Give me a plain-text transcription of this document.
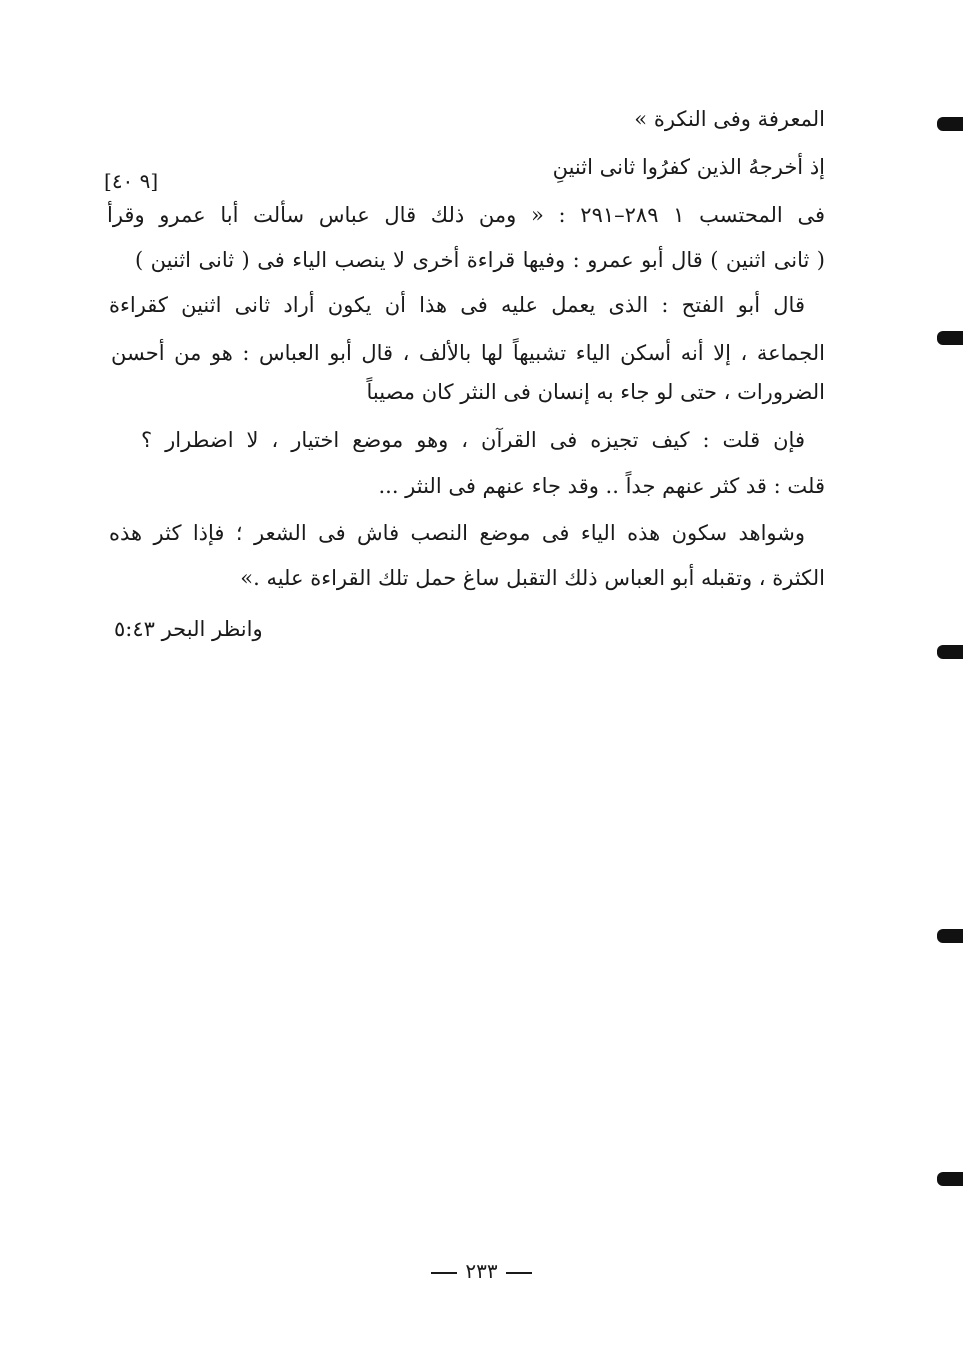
المعرفة وفى النكرة »
إذ أخرجهُ الذين كفرُوا ثانى اثنينِ
[٩ ٤٠]
فى المحتسب ١ ٢٨٩–٢٩١ : « ومن ذلك قال عباس سألت أبا عمرو وقرأ
( ثانى اثنين ) قال أبو عمرو : وفيها قراءة أخرى لا ينصب الياء فى ( ثانى اثنين )
قال أبو الفتح : الذى يعمل عليه فى هذا أن يكون أراد ثانى اثنين كقراءة
الجماعة ، إلا أنه أسكن الياء تشبيهاً لها بالألف ، قال أبو العباس : هو من أحسن
الضرورات ، حتى لو جاء به إنسان فى النثر كان مصيباً
فإن قلت : كيف تجيزه فى القرآن ، وهو موضع اختيار ، لا اضطرار ؟
قلت : قد كثر عنهم جداً .. وقد جاء عنهم فى النثر ...
وشواهد سكون هذه الياء فى موضع النصب فاش فى الشعر ؛ فإذا كثر هذه
الكثرة ، وتقبله أبو العباس ذلك التقبل ساغ حمل تلك القراءة عليه .»
وانظر البحر ٥:٤٣
٢٣٣
